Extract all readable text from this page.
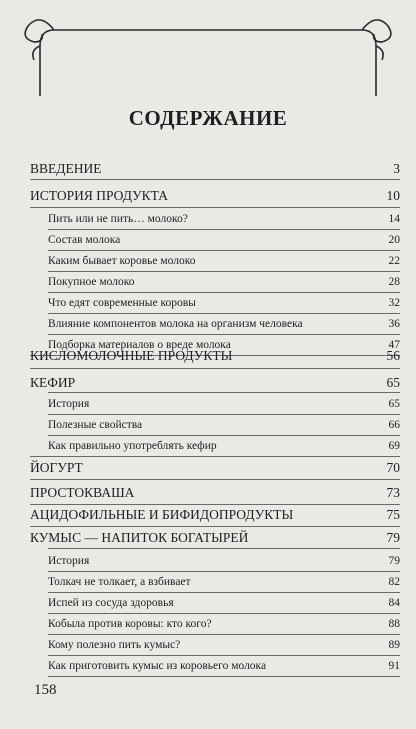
СОДЕРЖАНИЕ
ВВЕДЕНИЕ	3
ИСТОРИЯ ПРОДУКТА	10
Пить или не пить… молоко?	14
Состав молока	20
Каким бывает коровье молоко	22
Покупное молоко	28
Что едят современные коровы	32
Влияние компонентов молока на организм человека	36
Подборка материалов о вреде молока	47
КИСЛОМОЛОЧНЫЕ ПРОДУКТЫ	56
КЕФИР	65
История	65
Полезные свойства	66
Как правильно употреблять кефир	69
ЙОГУРТ	70
ПРОСТОКВАША	73
АЦИДОФИЛЬНЫЕ И БИФИДОПРОДУКТЫ	75
КУМЫС — НАПИТОК БОГАТЫРЕЙ	79
История	79
Толкач не толкает, а взбивает	82
Испей из сосуда здоровья	84
Кобыла против коровы: кто кого?	88
Кому полезно пить кумыс?	89
Как приготовить кумыс из коровьего молока	91
158
